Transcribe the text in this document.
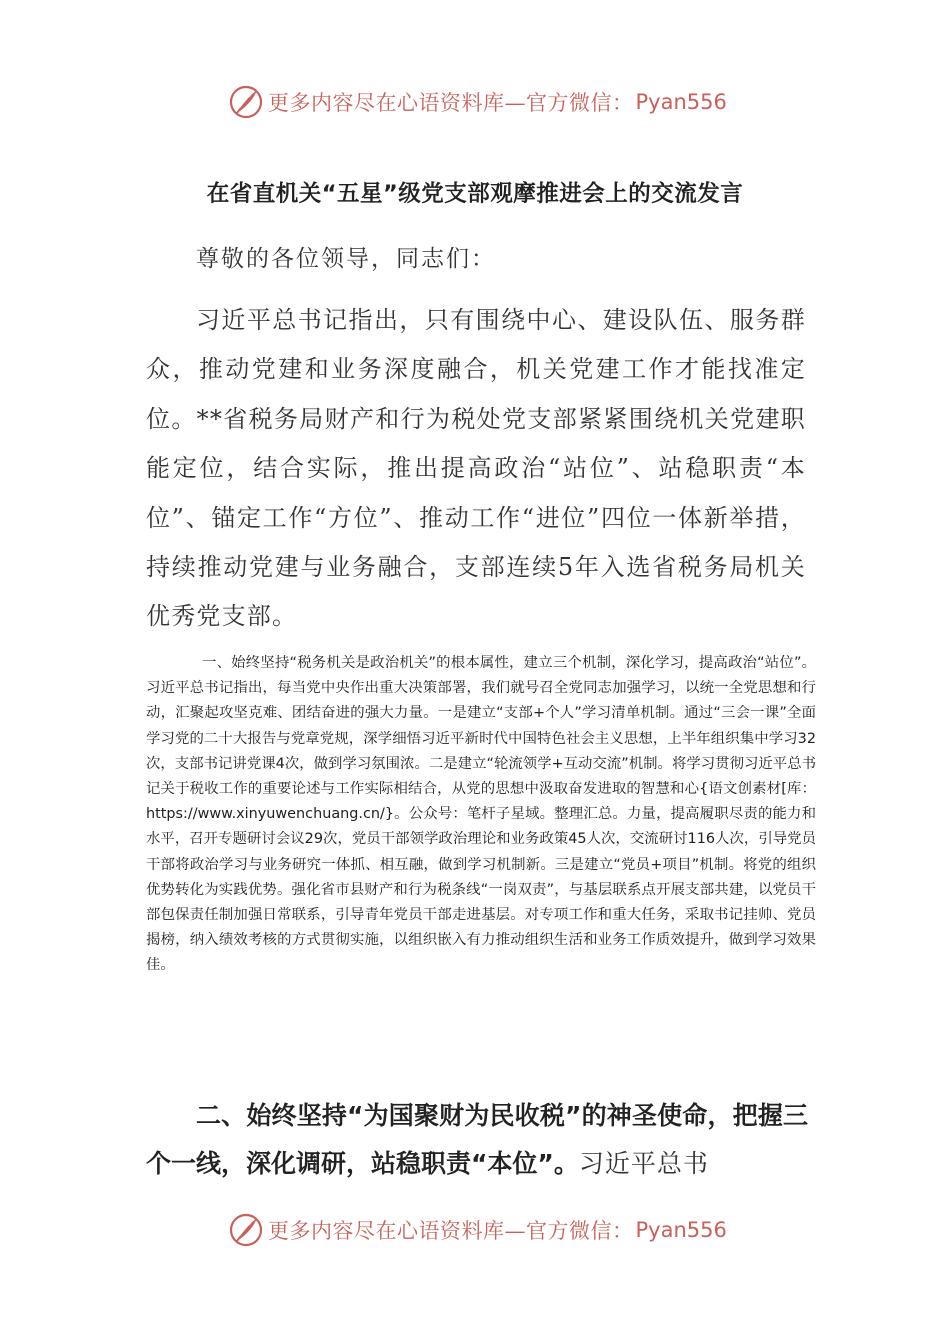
更多内容尽在心语资料库—官方微信： Pyan556
在省直机关“五星”级党支部观摩推进会上的交流发言
尊敬的各位领导，同志们：
习近平总书记指出，只有围绕中心、建设队伍、服务群众，推动党建和业务深度融合，机关党建工作才能找准定位。**省税务局财产和行为税处党支部紧紧围绕机关党建职能定位，结合实际，推出提高政治“站位”、站稳职责“本位”、锚定工作“方位”、推动工作“进位”四位一体新举措，持续推动党建与业务融合，支部连续5年入选省税务局机关优秀党支部。
一、始终坚持“税务机关是政治机关”的根本属性，建立三个机制，深化学习，提高政治“站位”。习近平总书记指出，每当党中央作出重大决策部署，我们就号召全党同志加强学习，以统一全党思想和行动，汇聚起攻坚克难、团结奋进的强大力量。一是建立“支部+个人”学习清单机制。通过“三会一课”全面学习党的二十大报告与党章党规，深学细悟习近平新时代中国特色社会主义思想，上半年组织集中学习32次，支部书记讲党课4次，做到学习氛围浓。二是建立“轮流领学+互动交流”机制。将学习贯彻习近平总书记关于税收工作的重要论述与工作实际相结合，从党的思想中汲取奋发进取的智慧和心{语文创素材[库：https://www.xinyuwenchuang.cn/}。公众号：笔杆子星域。整理汇总。力量，提高履职尽责的能力和水平，召开专题研讨会议29次，党员干部领学政治理论和业务政策45人次，交流研讨116人次，引导党员干部将政治学习与业务研究一体抓、相互融，做到学习机制新。三是建立“党员+项目”机制。将党的组织优势转化为实践优势。强化省市县财产和行为税条线“一岗双责”，与基层联系点开展支部共建，以党员干部包保责任制加强日常联系，引导青年党员干部走进基层。对专项工作和重大任务，采取书记挂帅、党员揭榜，纳入绩效考核的方式贯彻实施，以组织嵌入有力推动组织生活和业务工作质效提升，做到学习效果佳。
二、始终坚持“为国聚财为民收税”的神圣使命，把握三个一线，深化调研，站稳职责“本位”。习近平总书
更多内容尽在心语资料库—官方微信： Pyan556
